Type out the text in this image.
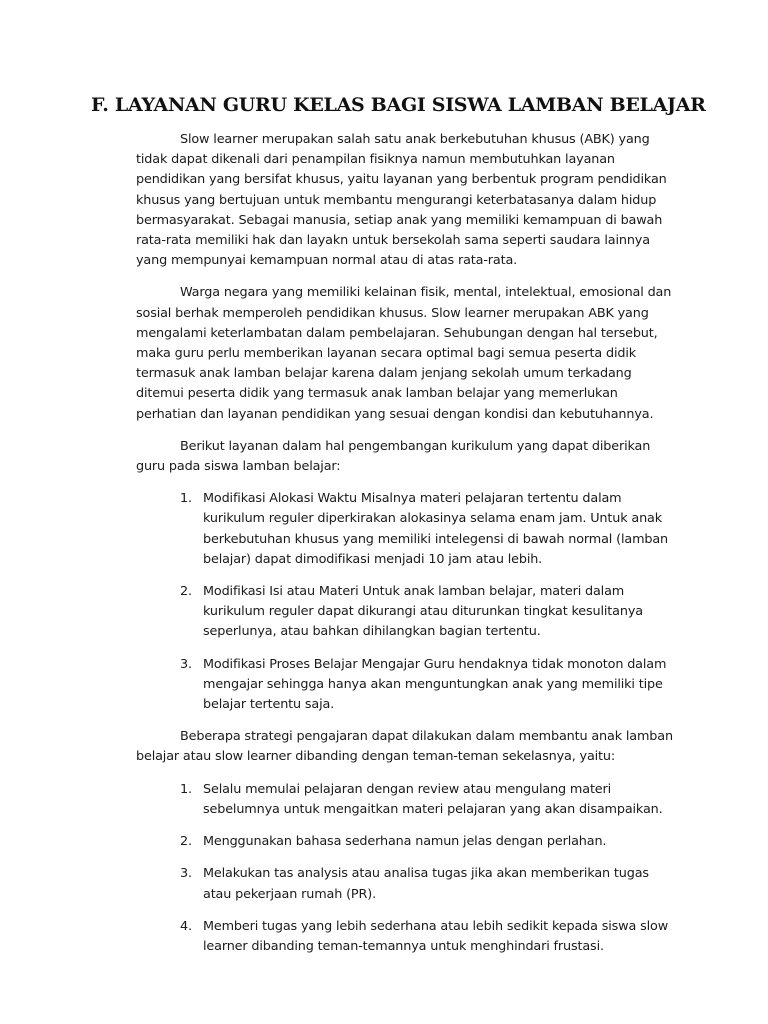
F. LAYANAN GURU KELAS BAGI SISWA LAMBAN BELAJAR

Slow learner merupakan salah satu anak berkebutuhan khusus (ABK) yang tidak dapat dikenali dari penampilan fisiknya namun membutuhkan layanan pendidikan yang bersifat khusus, yaitu layanan yang berbentuk program pendidikan khusus yang bertujuan untuk membantu mengurangi keterbatasanya dalam hidup bermasyarakat. Sebagai manusia, setiap anak yang memiliki kemampuan di bawah rata-rata memiliki hak dan layakn untuk bersekolah sama seperti saudara lainnya yang mempunyai kemampuan normal atau di atas rata-rata.

Warga negara yang memiliki kelainan fisik, mental, intelektual, emosional dan sosial berhak memperoleh pendidikan khusus. Slow learner merupakan ABK yang mengalami keterlambatan dalam pembelajaran. Sehubungan dengan hal tersebut, maka guru perlu memberikan layanan secara optimal bagi semua peserta didik termasuk anak lamban belajar karena dalam jenjang sekolah umum terkadang ditemui peserta didik yang termasuk anak lamban belajar yang memerlukan perhatian dan layanan pendidikan yang sesuai dengan kondisi dan kebutuhannya.

Berikut layanan dalam hal pengembangan kurikulum yang dapat diberikan guru pada siswa lamban belajar:

1. Modifikasi Alokasi Waktu Misalnya materi pelajaran tertentu dalam kurikulum reguler diperkirakan alokasinya selama enam jam. Untuk anak berkebutuhan khusus yang memiliki intelegensi di bawah normal (lamban belajar) dapat dimodifikasi menjadi 10 jam atau lebih.
2. Modifikasi Isi atau Materi Untuk anak lamban belajar, materi dalam kurikulum reguler dapat dikurangi atau diturunkan tingkat kesulitanya seperlunya, atau bahkan dihilangkan bagian tertentu.
3. Modifikasi Proses Belajar Mengajar Guru hendaknya tidak monoton dalam mengajar sehingga hanya akan menguntungkan anak yang memiliki tipe belajar tertentu saja.

Beberapa strategi pengajaran dapat dilakukan dalam membantu anak lamban belajar atau slow learner dibanding dengan teman-teman sekelasnya, yaitu:

1. Selalu memulai pelajaran dengan review atau mengulang materi sebelumnya untuk mengaitkan materi pelajaran yang akan disampaikan.
2. Menggunakan bahasa sederhana namun jelas dengan perlahan.
3. Melakukan tas analysis atau analisa tugas jika akan memberikan tugas atau pekerjaan rumah (PR).
4. Memberi tugas yang lebih sederhana atau lebih sedikit kepada siswa slow learner dibanding teman-temannya untuk menghindari frustasi.
